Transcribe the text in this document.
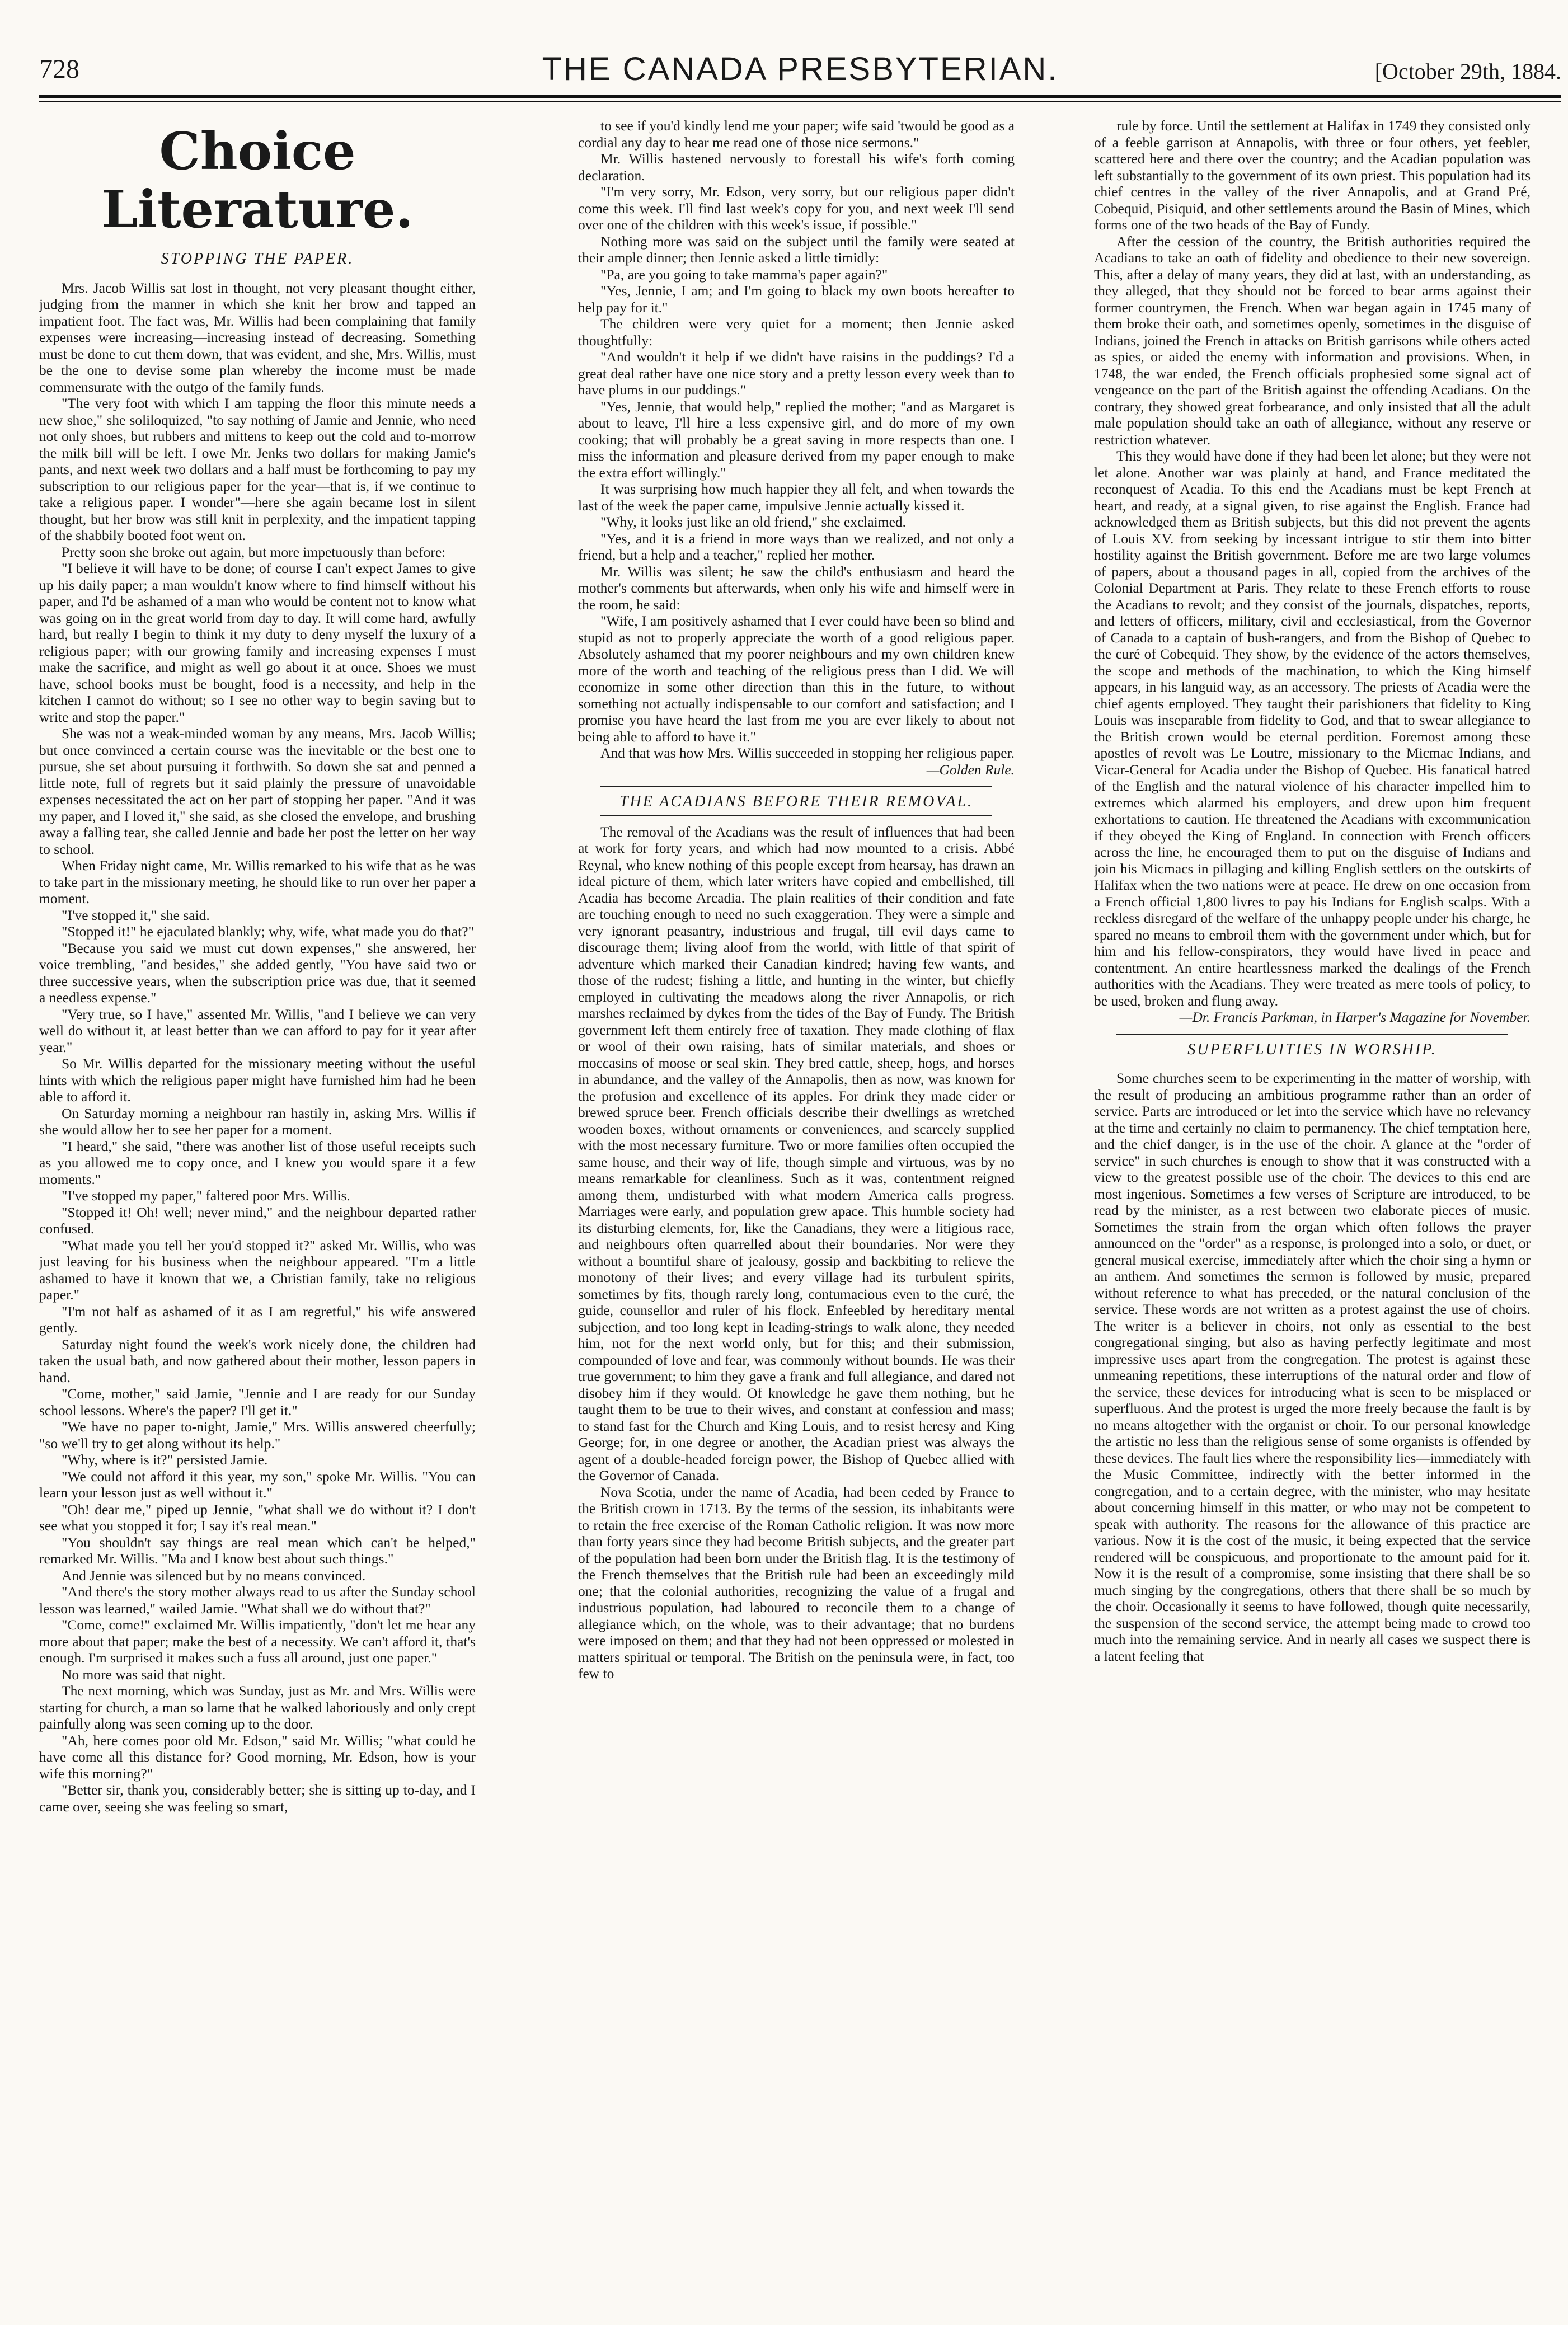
728	THE CANADA PRESBYTERIAN.	[October 29th, 1884.
Choice Literature.
STOPPING THE PAPER.

Mrs. Jacob Willis sat lost in thought, not very pleasant thought either, judging from the manner in which she knit her brow and tapped an impatient foot. The fact was, Mr. Willis had been complaining that family expenses were increasing—increasing instead of decreasing. Something must be done to cut them down, that was evident, and she, Mrs. Willis, must be the one to devise some plan whereby the income must be made commensurate with the outgo of the family funds.

"The very foot with which I am tapping the floor this minute needs a new shoe," she soliloquized, "to say nothing of Jamie and Jennie, who need not only shoes, but rubbers and mittens to keep out the cold and to-morrow the milk bill will be left. I owe Mr. Jenks two dollars for making Jamie's pants, and next week two dollars and a half must be forthcoming to pay my subscription to our religious paper for the year—that is, if we continue to take a religious paper. I wonder"—here she again became lost in silent thought, but her brow was still knit in perplexity, and the impatient tapping of the shabbily booted foot went on.

Pretty soon she broke out again, but more impetuously than before:

"I believe it will have to be done; of course I can't expect James to give up his daily paper; a man wouldn't know where to find himself without his paper, and I'd be ashamed of a man who would be content not to know what was going on in the great world from day to day. It will come hard, awfully hard, but really I begin to think it my duty to deny myself the luxury of a religious paper; with our growing family and increasing expenses I must make the sacrifice, and might as well go about it at once. Shoes we must have, school books must be bought, food is a necessity, and help in the kitchen I cannot do without; so I see no other way to begin saving but to write and stop the paper."

She was not a weak-minded woman by any means, Mrs. Jacob Willis; but once convinced a certain course was the inevitable or the best one to pursue, she set about pursuing it forthwith. So down she sat and penned a little note, full of regrets but it said plainly the pressure of unavoidable expenses necessitated the act on her part of stopping her paper. "And it was my paper, and I loved it," she said, as she closed the envelope, and brushing away a falling tear, she called Jennie and bade her post the letter on her way to school.

When Friday night came, Mr. Willis remarked to his wife that as he was to take part in the missionary meeting, he should like to run over her paper a moment.

"I've stopped it," she said.

"Stopped it!" he ejaculated blankly; why, wife, what made you do that?"

"Because you said we must cut down expenses," she answered, her voice trembling, "and besides," she added gently, "You have said two or three successive years, when the subscription price was due, that it seemed a needless expense."

"Very true, so I have," assented Mr. Willis, "and I believe we can very well do without it, at least better than we can afford to pay for it year after year."

So Mr. Willis departed for the missionary meeting without the useful hints with which the religious paper might have furnished him had he been able to afford it.

On Saturday morning a neighbour ran hastily in, asking Mrs. Willis if she would allow her to see her paper for a moment.

"I heard," she said, "there was another list of those useful receipts such as you allowed me to copy once, and I knew you would spare it a few moments."

"I've stopped my paper," faltered poor Mrs. Willis.

"Stopped it! Oh! well; never mind," and the neighbour departed rather confused.

"What made you tell her you'd stopped it?" asked Mr. Willis, who was just leaving for his business when the neighbour appeared. "I'm a little ashamed to have it known that we, a Christian family, take no religious paper."

"I'm not half as ashamed of it as I am regretful," his wife answered gently.

Saturday night found the week's work nicely done, the children had taken the usual bath, and now gathered about their mother, lesson papers in hand.

"Come, mother," said Jamie, "Jennie and I are ready for our Sunday school lessons. Where's the paper? I'll get it."

"We have no paper to-night, Jamie," Mrs. Willis answered cheerfully; "so we'll try to get along without its help."

"Why, where is it?" persisted Jamie.

"We could not afford it this year, my son," spoke Mr. Willis. "You can learn your lesson just as well without it."

"Oh! dear me," piped up Jennie, "what shall we do without it? I don't see what you stopped it for; I say it's real mean."

"You shouldn't say things are real mean which can't be helped," remarked Mr. Willis. "Ma and I know best about such things."

And Jennie was silenced but by no means convinced.

"And there's the story mother always read to us after the Sunday school lesson was learned," wailed Jamie. "What shall we do without that?"

"Come, come!" exclaimed Mr. Willis impatiently, "don't let me hear any more about that paper; make the best of a necessity. We can't afford it, that's enough. I'm surprised it makes such a fuss all around, just one paper."

No more was said that night.

The next morning, which was Sunday, just as Mr. and Mrs. Willis were starting for church, a man so lame that he walked laboriously and only crept painfully along was seen coming up to the door.

"Ah, here comes poor old Mr. Edson," said Mr. Willis; "what could he have come all this distance for? Good morning, Mr. Edson, how is your wife this morning?"

"Better sir, thank you, considerably better; she is sitting up to-day, and I came over, seeing she was feeling so smart,

to see if you'd kindly lend me your paper; wife said 'twould be good as a cordial any day to hear me read one of those nice sermons."

Mr. Willis hastened nervously to forestall his wife's forth coming declaration.

"I'm very sorry, Mr. Edson, very sorry, but our religious paper didn't come this week. I'll find last week's copy for you, and next week I'll send over one of the children with this week's issue, if possible."

Nothing more was said on the subject until the family were seated at their ample dinner; then Jennie asked a little timidly:

"Pa, are you going to take mamma's paper again?"

"Yes, Jennie, I am; and I'm going to black my own boots hereafter to help pay for it."

The children were very quiet for a moment; then Jennie asked thoughtfully:

"And wouldn't it help if we didn't have raisins in the puddings? I'd a great deal rather have one nice story and a pretty lesson every week than to have plums in our puddings."

"Yes, Jennie, that would help," replied the mother; "and as Margaret is about to leave, I'll hire a less expensive girl, and do more of my own cooking; that will probably be a great saving in more respects than one. I miss the information and pleasure derived from my paper enough to make the extra effort willingly."

It was surprising how much happier they all felt, and when towards the last of the week the paper came, impulsive Jennie actually kissed it.

"Why, it looks just like an old friend," she exclaimed.

"Yes, and it is a friend in more ways than we realized, and not only a friend, but a help and a teacher," replied her mother.

Mr. Willis was silent; he saw the child's enthusiasm and heard the mother's comments but afterwards, when only his wife and himself were in the room, he said:

"Wife, I am positively ashamed that I ever could have been so blind and stupid as not to properly appreciate the worth of a good religious paper. Absolutely ashamed that my poorer neighbours and my own children knew more of the worth and teaching of the religious press than I did. We will economize in some other direction than this in the future, to without something not actually indispensable to our comfort and satisfaction; and I promise you have heard the last from me you are ever likely to about not being able to afford to have it."

And that was how Mrs. Willis succeeded in stopping her religious paper.

—Golden Rule.
THE ACADIANS BEFORE THEIR REMOVAL.

The removal of the Acadians was the result of influences that had been at work for forty years, and which had now mounted to a crisis. Abbé Reynal, who knew nothing of this people except from hearsay, has drawn an ideal picture of them, which later writers have copied and embellished, till Acadia has become Arcadia. The plain realities of their condition and fate are touching enough to need no such exaggeration. They were a simple and very ignorant peasantry, industrious and frugal, till evil days came to discourage them; living aloof from the world, with little of that spirit of adventure which marked their Canadian kindred; having few wants, and those of the rudest; fishing a little, and hunting in the winter, but chiefly employed in cultivating the meadows along the river Annapolis, or rich marshes reclaimed by dykes from the tides of the Bay of Fundy. The British government left them entirely free of taxation. They made clothing of flax or wool of their own raising, hats of similar materials, and shoes or moccasins of moose or seal skin. They bred cattle, sheep, hogs, and horses in abundance, and the valley of the Annapolis, then as now, was known for the profusion and excellence of its apples. For drink they made cider or brewed spruce beer. French officials describe their dwellings as wretched wooden boxes, without ornaments or conveniences, and scarcely supplied with the most necessary furniture. Two or more families often occupied the same house, and their way of life, though simple and virtuous, was by no means remarkable for cleanliness. Such as it was, contentment reigned among them, undisturbed with what modern America calls progress. Marriages were early, and population grew apace. This humble society had its disturbing elements, for, like the Canadians, they were a litigious race, and neighbours often quarrelled about their boundaries. Nor were they without a bountiful share of jealousy, gossip and backbiting to relieve the monotony of their lives; and every village had its turbulent spirits, sometimes by fits, though rarely long, contumacious even to the curé, the guide, counsellor and ruler of his flock. Enfeebled by hereditary mental subjection, and too long kept in leading-strings to walk alone, they needed him, not for the next world only, but for this; and their submission, compounded of love and fear, was commonly without bounds. He was their true government; to him they gave a frank and full allegiance, and dared not disobey him if they would. Of knowledge he gave them nothing, but he taught them to be true to their wives, and constant at confession and mass; to stand fast for the Church and King Louis, and to resist heresy and King George; for, in one degree or another, the Acadian priest was always the agent of a double-headed foreign power, the Bishop of Quebec allied with the Governor of Canada.

Nova Scotia, under the name of Acadia, had been ceded by France to the British crown in 1713. By the terms of the session, its inhabitants were to retain the free exercise of the Roman Catholic religion. It was now more than forty years since they had become British subjects, and the greater part of the population had been born under the British flag. It is the testimony of the French themselves that the British rule had been an exceedingly mild one; that the colonial authorities, recognizing the value of a frugal and industrious population, had laboured to reconcile them to a change of allegiance which, on the whole, was to their advantage; that no burdens were imposed on them; and that they had not been oppressed or molested in matters spiritual or temporal. The British on the peninsula were, in fact, too few to

rule by force. Until the settlement at Halifax in 1749 they consisted only of a feeble garrison at Annapolis, with three or four others, yet feebler, scattered here and there over the country; and the Acadian population was left substantially to the government of its own priest. This population had its chief centres in the valley of the river Annapolis, and at Grand Pré, Cobequid, Pisiquid, and other settlements around the Basin of Mines, which forms one of the two heads of the Bay of Fundy.

After the cession of the country, the British authorities required the Acadians to take an oath of fidelity and obedience to their new sovereign. This, after a delay of many years, they did at last, with an understanding, as they alleged, that they should not be forced to bear arms against their former countrymen, the French. When war began again in 1745 many of them broke their oath, and sometimes openly, sometimes in the disguise of Indians, joined the French in attacks on British garrisons while others acted as spies, or aided the enemy with information and provisions. When, in 1748, the war ended, the French officials prophesied some signal act of vengeance on the part of the British against the offending Acadians. On the contrary, they showed great forbearance, and only insisted that all the adult male population should take an oath of allegiance, without any reserve or restriction whatever.

This they would have done if they had been let alone; but they were not let alone. Another war was plainly at hand, and France meditated the reconquest of Acadia. To this end the Acadians must be kept French at heart, and ready, at a signal given, to rise against the English. France had acknowledged them as British subjects, but this did not prevent the agents of Louis XV. from seeking by incessant intrigue to stir them into bitter hostility against the British government. Before me are two large volumes of papers, about a thousand pages in all, copied from the archives of the Colonial Department at Paris. They relate to these French efforts to rouse the Acadians to revolt; and they consist of the journals, dispatches, reports, and letters of officers, military, civil and ecclesiastical, from the Governor of Canada to a captain of bush-rangers, and from the Bishop of Quebec to the curé of Cobequid. They show, by the evidence of the actors themselves, the scope and methods of the machination, to which the King himself appears, in his languid way, as an accessory. The priests of Acadia were the chief agents employed. They taught their parishioners that fidelity to King Louis was inseparable from fidelity to God, and that to swear allegiance to the British crown would be eternal perdition. Foremost among these apostles of revolt was Le Loutre, missionary to the Micmac Indians, and Vicar-General for Acadia under the Bishop of Quebec. His fanatical hatred of the English and the natural violence of his character impelled him to extremes which alarmed his employers, and drew upon him frequent exhortations to caution. He threatened the Acadians with excommunication if they obeyed the King of England. In connection with French officers across the line, he encouraged them to put on the disguise of Indians and join his Micmacs in pillaging and killing English settlers on the outskirts of Halifax when the two nations were at peace. He drew on one occasion from a French official 1,800 livres to pay his Indians for English scalps. With a reckless disregard of the welfare of the unhappy people under his charge, he spared no means to embroil them with the government under which, but for him and his fellow-conspirators, they would have lived in peace and contentment. An entire heartlessness marked the dealings of the French authorities with the Acadians. They were treated as mere tools of policy, to be used, broken and flung away.

—Dr. Francis Parkman, in Harper's Magazine for November.
SUPERFLUITIES IN WORSHIP.

Some churches seem to be experimenting in the matter of worship, with the result of producing an ambitious programme rather than an order of service. Parts are introduced or let into the service which have no relevancy at the time and certainly no claim to permanency. The chief temptation here, and the chief danger, is in the use of the choir. A glance at the "order of service" in such churches is enough to show that it was constructed with a view to the greatest possible use of the choir. The devices to this end are most ingenious. Sometimes a few verses of Scripture are introduced, to be read by the minister, as a rest between two elaborate pieces of music. Sometimes the strain from the organ which often follows the prayer announced on the "order" as a response, is prolonged into a solo, or duet, or general musical exercise, immediately after which the choir sing a hymn or an anthem. And sometimes the sermon is followed by music, prepared without reference to what has preceded, or the natural conclusion of the service. These words are not written as a protest against the use of choirs. The writer is a believer in choirs, not only as essential to the best congregational singing, but also as having perfectly legitimate and most impressive uses apart from the congregation. The protest is against these unmeaning repetitions, these interruptions of the natural order and flow of the service, these devices for introducing what is seen to be misplaced or superfluous. And the protest is urged the more freely because the fault is by no means altogether with the organist or choir. To our personal knowledge the artistic no less than the religious sense of some organists is offended by these devices. The fault lies where the responsibility lies—immediately with the Music Committee, indirectly with the better informed in the congregation, and to a certain degree, with the minister, who may hesitate about concerning himself in this matter, or who may not be competent to speak with authority. The reasons for the allowance of this practice are various. Now it is the cost of the music, it being expected that the service rendered will be conspicuous, and proportionate to the amount paid for it. Now it is the result of a compromise, some insisting that there shall be so much singing by the congregations, others that there shall be so much by the choir. Occasionally it seems to have followed, though quite necessarily, the suspension of the second service, the attempt being made to crowd too much into the remaining service. And in nearly all cases we suspect there is a latent feeling that
